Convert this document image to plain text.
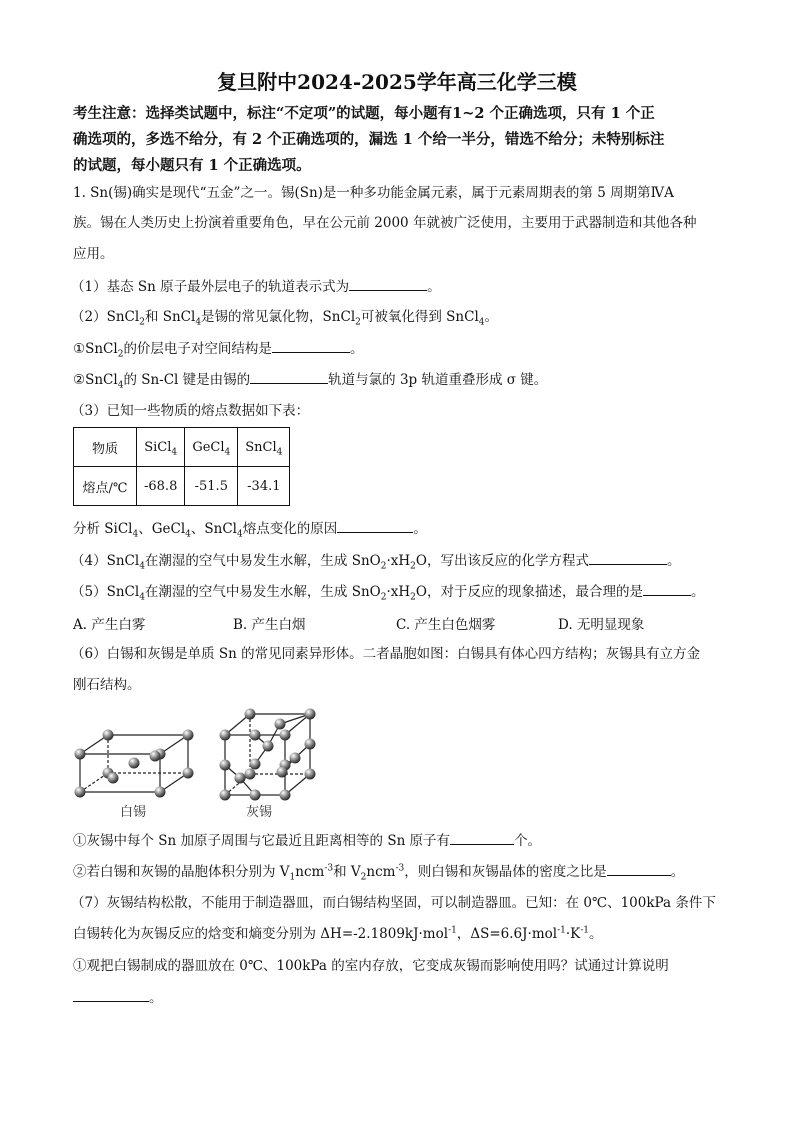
复旦附中2024-2025学年高三化学三模
考生注意：选择类试题中，标注“不定项”的试题，每小题有1~2 个正确选项，只有 1 个正
确选项的，多选不给分，有 2 个正确选项的，漏选 1 个给一半分，错选不给分；未特别标注
的试题，每小题只有 1 个正确选项。
1. Sn(锡)确实是现代“五金”之一。锡(Sn)是一种多功能金属元素，属于元素周期表的第 5 周期第ⅣA
族。锡在人类历史上扮演着重要角色，早在公元前 2000 年就被广泛使用，主要用于武器制造和其他各种
应用。
（1）基态 Sn 原子最外层电子的轨道表示式为	。
（2）SnCl$_2$和 SnCl$_4$是锡的常见氯化物，SnCl$_2$可被氧化得到 SnCl$_4$。
①SnCl$_2$的价层电子对空间结构是	。
②SnCl$_4$的 Sn-Cl 键是由锡的	轨道与氯的 3p 轨道重叠形成 σ 键。
（3）已知一些物质的熔点数据如下表：
物质	SiCl$_4$	GeCl$_4$	SnCl$_4$
熔点/℃	-68.8	-51.5	-34.1
分析 SiCl$_4$、GeCl$_4$、SnCl$_4$熔点变化的原因	。
（4）SnCl$_4$在潮湿的空气中易发生水解，生成 $SnO_2\cdot xH_2O$，写出该反应的化学方程式	。
（5）SnCl$_4$在潮湿的空气中易发生水解，生成 $SnO_2\cdot xH_2O$，对于反应的现象描述，最合理的是	。
A. 产生白雾	B. 产生白烟	C. 产生白色烟雾	D. 无明显现象
（6）白锡和灰锡是单质 Sn 的常见同素异形体。二者晶胞如图：白锡具有体心四方结构；灰锡具有立方金
刚石结构。
白锡	灰锡
①灰锡中每个 Sn 加原子周围与它最近且距离相等的 Sn 原子有	个。
②若白锡和灰锡的晶胞体积分别为 $V_1ncm^{-3}$和 $V_2ncm^{-3}$，则白锡和灰锡晶体的密度之比是	。
（7）灰锡结构松散，不能用于制造器皿，而白锡结构坚固，可以制造器皿。已知：在 0℃、100kPa 条件下
白锡转化为灰锡反应的焓变和熵变分别为 ΔH=-2.1809kJ·mol$^{-1}$，$\Delta S=6.6J\cdot mol^{-1}\cdot K^{-1}$。
①观把白锡制成的器皿放在 0℃、100kPa 的室内存放，它变成灰锡而影响使用吗？试通过计算说明
。
